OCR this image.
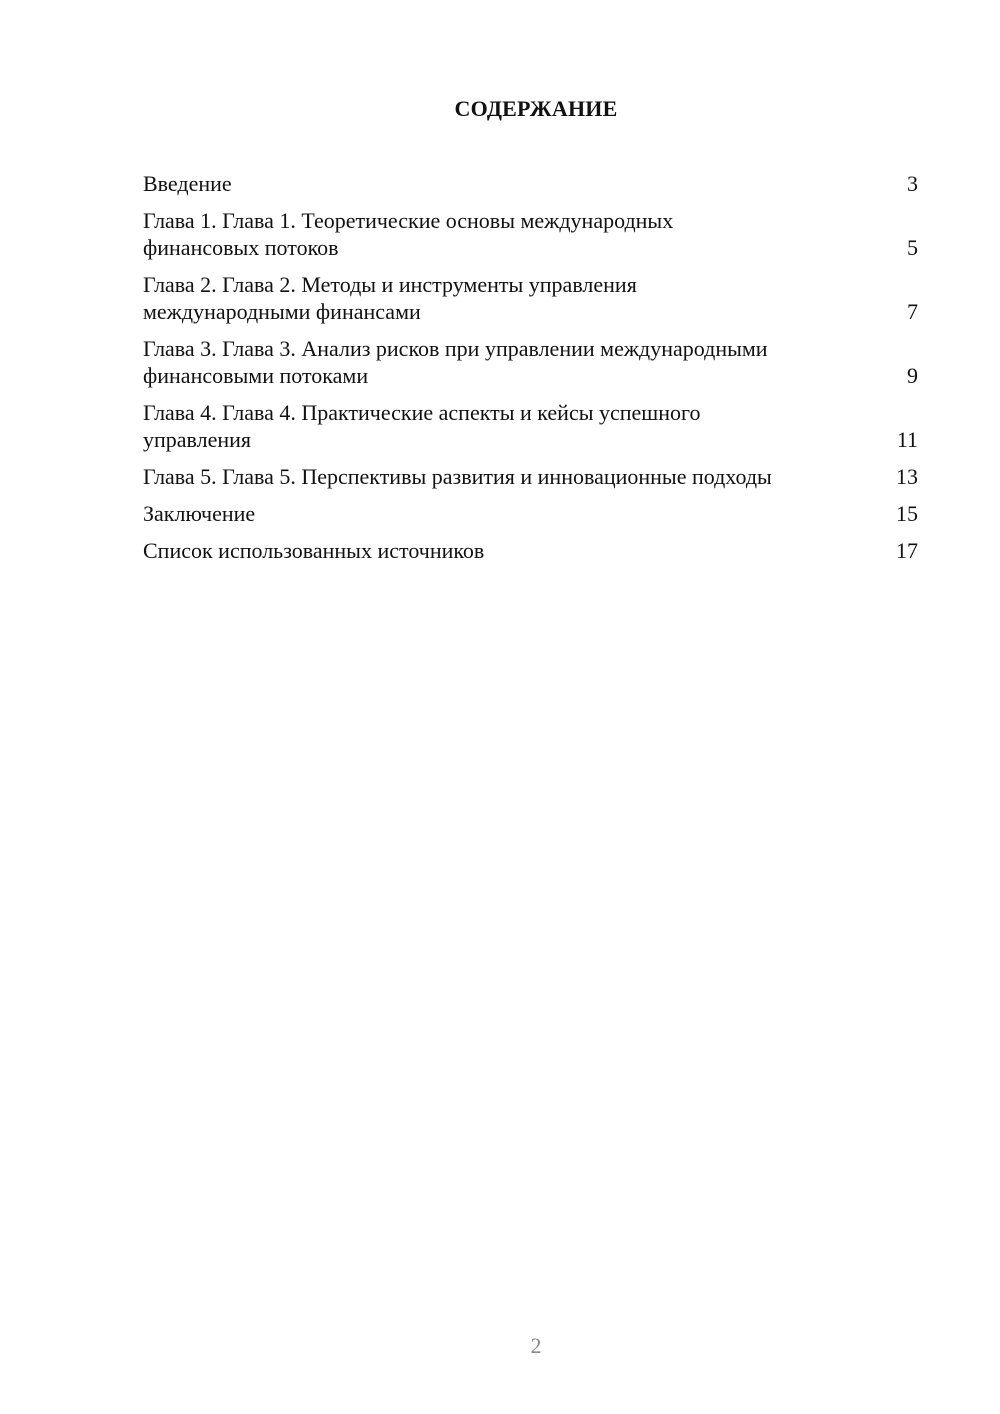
СОДЕРЖАНИЕ
Введение	3
Глава 1. Глава 1. Теоретические основы международных финансовых потоков	5
Глава 2. Глава 2. Методы и инструменты управления международными финансами	7
Глава 3. Глава 3. Анализ рисков при управлении международными финансовыми потоками	9
Глава 4. Глава 4. Практические аспекты и кейсы успешного управления	11
Глава 5. Глава 5. Перспективы развития и инновационные подходы	13
Заключение	15
Список использованных источников	17
2
